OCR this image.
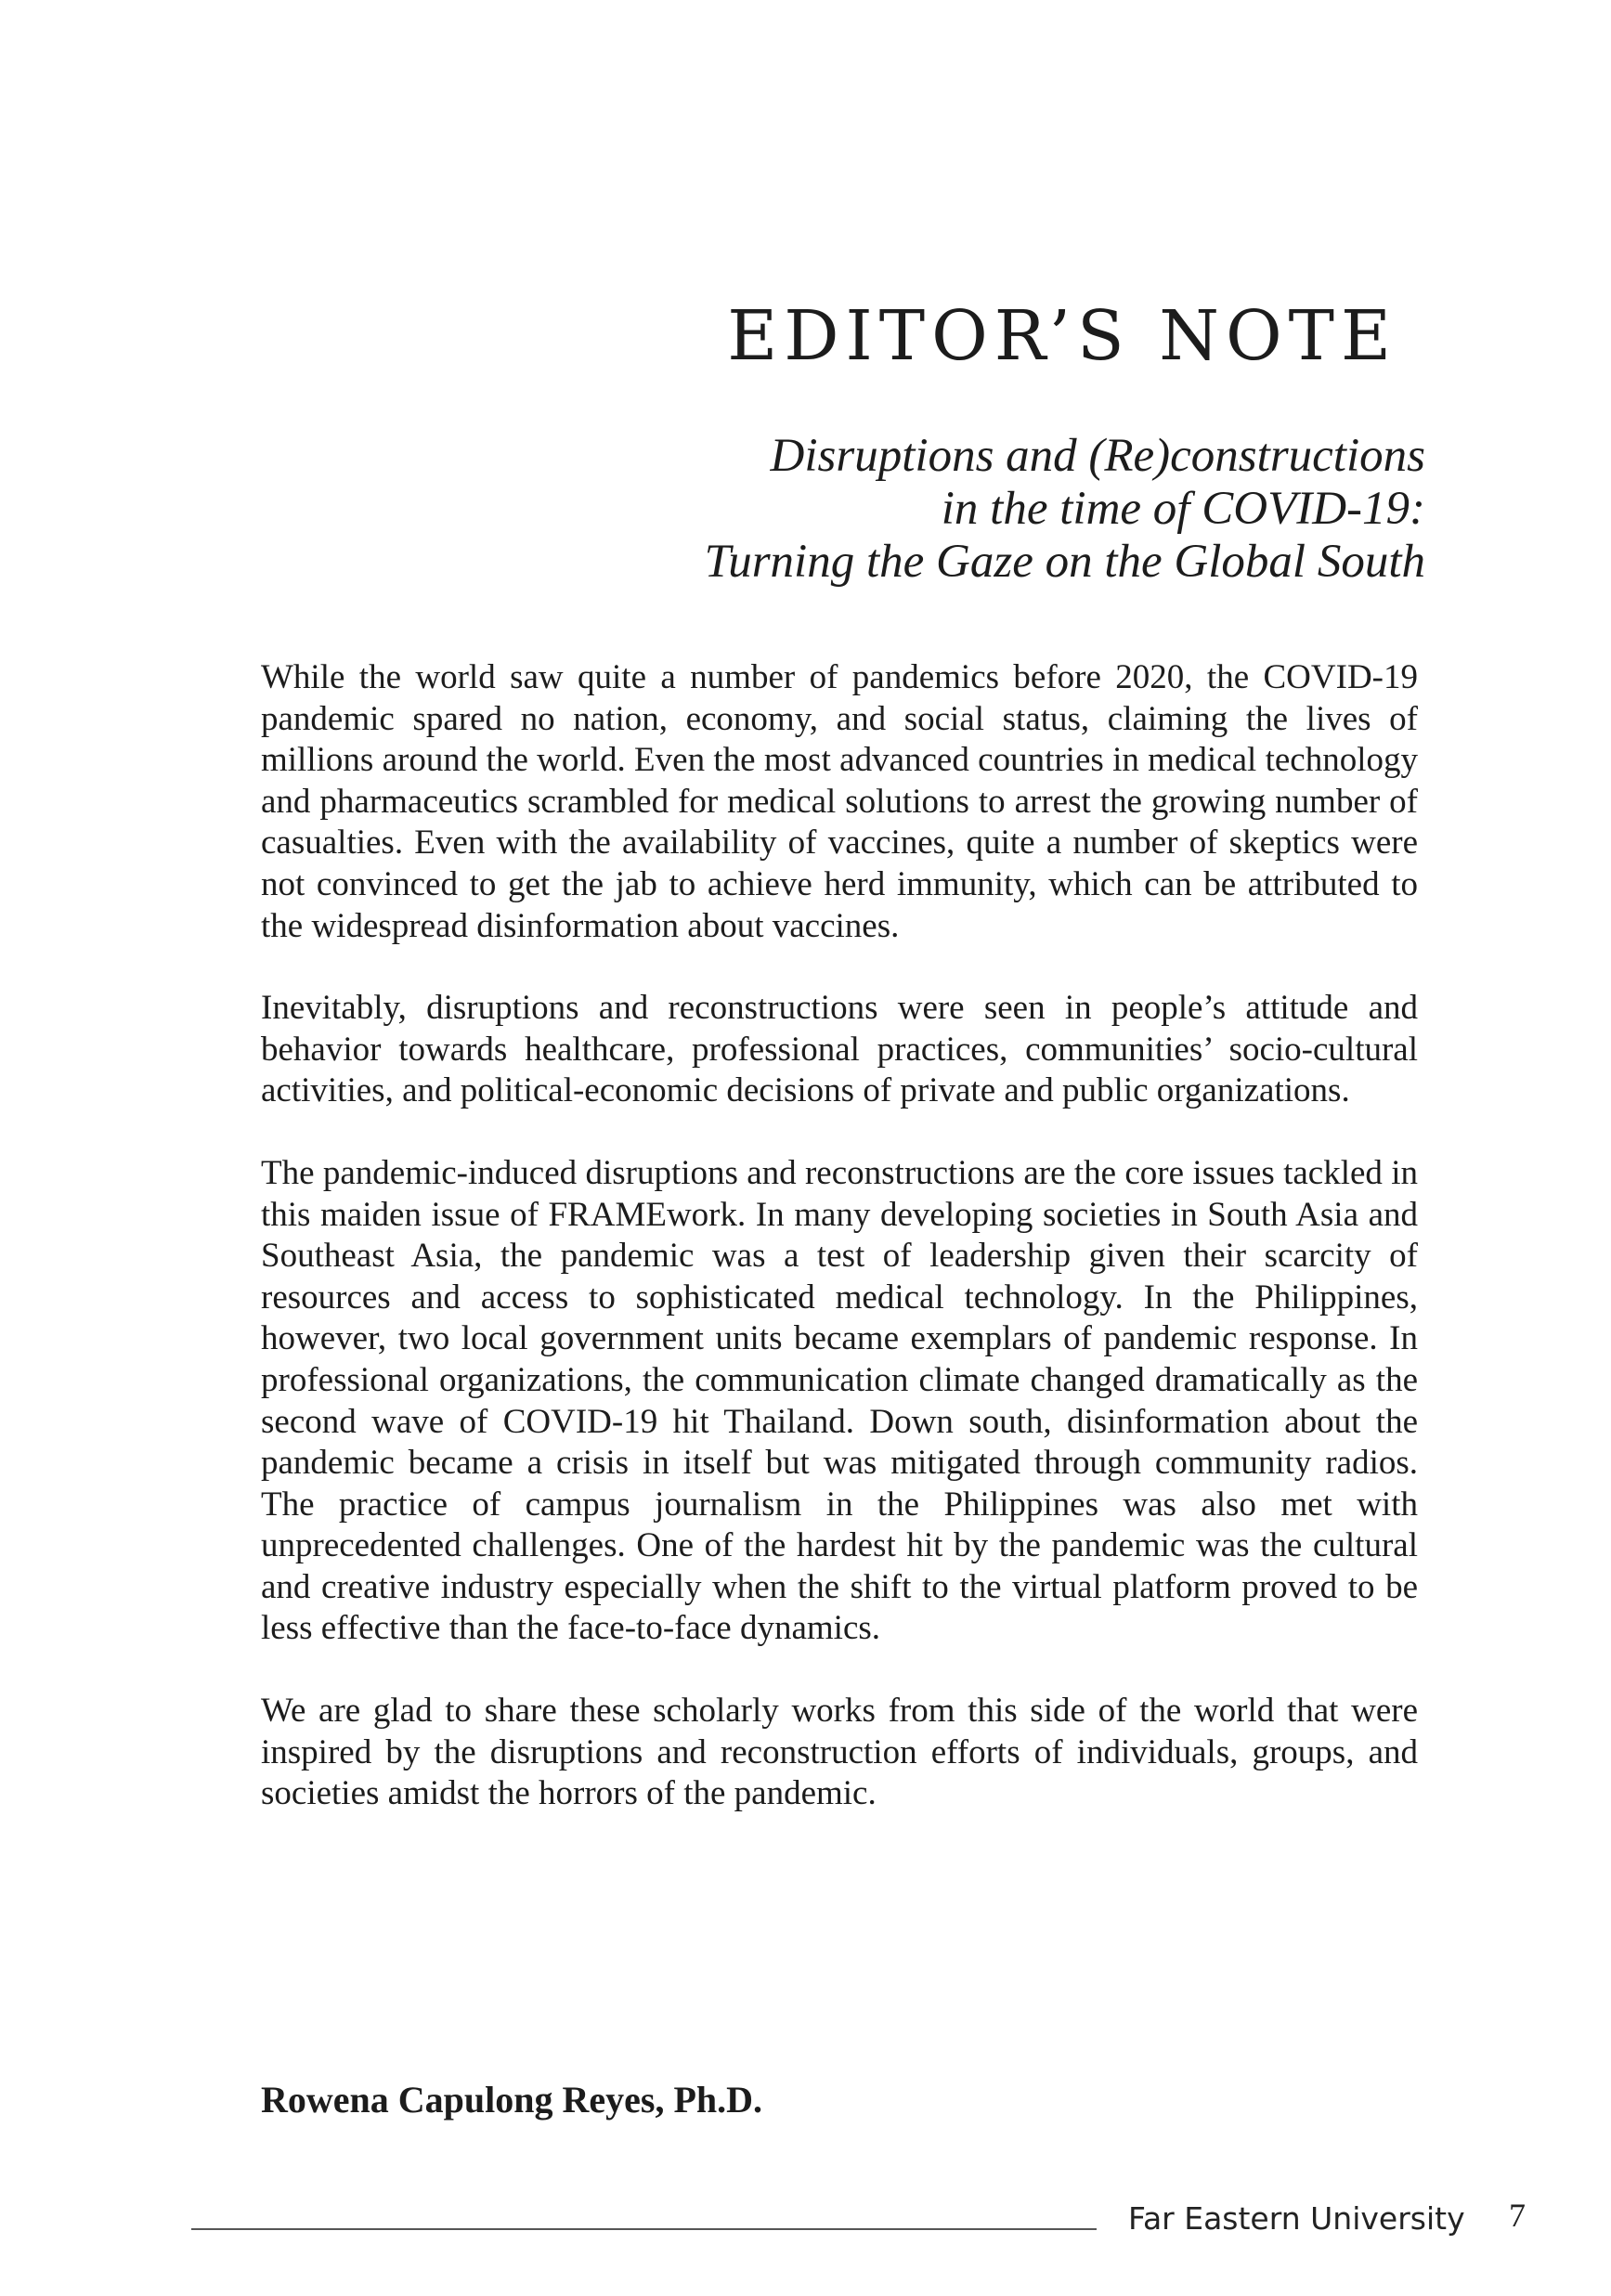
EDITOR’S NOTE
Disruptions and (Re)constructions
in the time of COVID-19:
Turning the Gaze on the Global South

While the world saw quite a number of pandemics before 2020, the COVID-19 pandemic spared no nation, economy, and social status, claiming the lives of millions around the world. Even the most advanced countries in medical technology and pharmaceutics scrambled for medical solutions to arrest the growing number of casualties. Even with the availability of vaccines, quite a number of skeptics were not convinced to get the jab to achieve herd immunity, which can be attributed to the widespread disinformation about vaccines.

Inevitably, disruptions and reconstructions were seen in people’s attitude and behavior towards healthcare, professional practices, communities’ socio-cultural activities, and political-economic decisions of private and public organizations.

The pandemic-induced disruptions and reconstructions are the core issues tackled in this maiden issue of FRAMEwork. In many developing societies in South Asia and Southeast Asia, the pandemic was a test of leadership given their scarcity of resources and access to sophisticated medical technology. In the Philippines, however, two local government units became exemplars of pandemic response. In professional organizations, the communication climate changed dramatically as the second wave of COVID-19 hit Thailand. Down south, disinformation about the pandemic became a crisis in itself but was mitigated through community radios. The practice of campus journalism in the Philippines was also met with unprecedented challenges. One of the hardest hit by the pandemic was the cultural and creative industry especially when the shift to the virtual platform proved to be less effective than the face-to-face dynamics.

We are glad to share these scholarly works from this side of the world that were inspired by the disruptions and reconstruction efforts of individuals, groups, and societies amidst the horrors of the pandemic.

Rowena Capulong Reyes, Ph.D.

Far Eastern University 7
